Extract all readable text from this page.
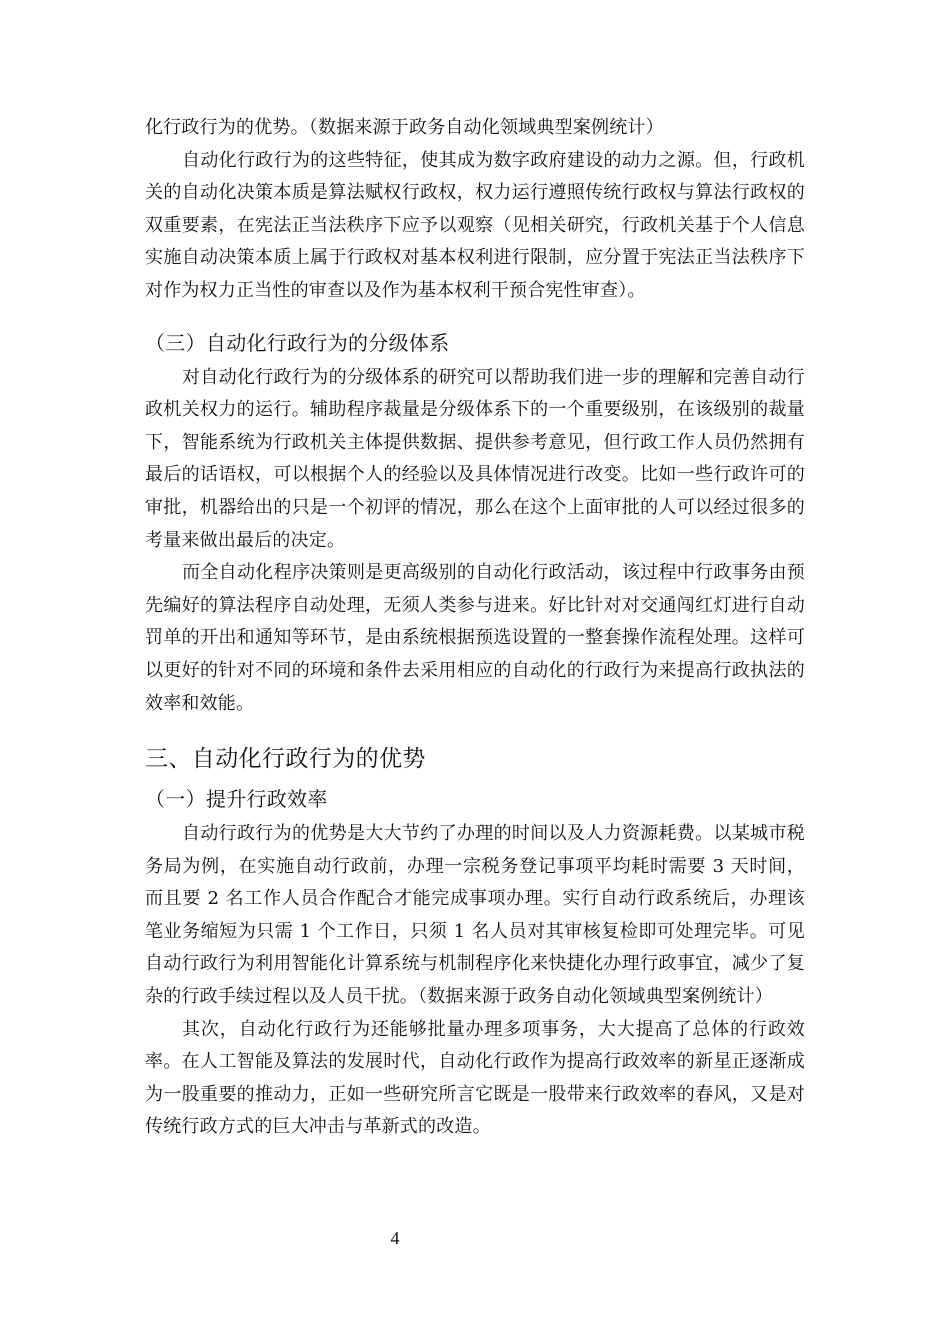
化行政行为的优势。（数据来源于政务自动化领域典型案例统计）

自动化行政行为的这些特征，使其成为数字政府建设的动力之源。但，行政机关的自动化决策本质是算法赋权行政权，权力运行遵照传统行政权与算法行政权的双重要素，在宪法正当法秩序下应予以观察（见相关研究，行政机关基于个人信息实施自动决策本质上属于行政权对基本权利进行限制，应分置于宪法正当法秩序下对作为权力正当性的审查以及作为基本权利干预合宪性审查）。

（三）自动化行政行为的分级体系

对自动化行政行为的分级体系的研究可以帮助我们进一步的理解和完善自动行政机关权力的运行。辅助程序裁量是分级体系下的一个重要级别，在该级别的裁量下，智能系统为行政机关主体提供数据、提供参考意见，但行政工作人员仍然拥有最后的话语权，可以根据个人的经验以及具体情况进行改变。比如一些行政许可的审批，机器给出的只是一个初评的情况，那么在这个上面审批的人可以经过很多的考量来做出最后的决定。

而全自动化程序决策则是更高级别的自动化行政活动，该过程中行政事务由预先编好的算法程序自动处理，无须人类参与进来。好比针对对交通闯红灯进行自动罚单的开出和通知等环节，是由系统根据预选设置的一整套操作流程处理。这样可以更好的针对不同的环境和条件去采用相应的自动化的行政行为来提高行政执法的效率和效能。

三、自动化行政行为的优势
（一）提升行政效率

自动行政行为的优势是大大节约了办理的时间以及人力资源耗费。以某城市税务局为例，在实施自动行政前，办理一宗税务登记事项平均耗时需要 3 天时间，而且要 2 名工作人员合作配合才能完成事项办理。实行自动行政系统后，办理该笔业务缩短为只需 1 个工作日，只须 1 名人员对其审核复检即可处理完毕。可见自动行政行为利用智能化计算系统与机制程序化来快捷化办理行政事宜，减少了复杂的行政手续过程以及人员干扰。（数据来源于政务自动化领域典型案例统计）

其次，自动化行政行为还能够批量办理多项事务，大大提高了总体的行政效率。在人工智能及算法的发展时代，自动化行政作为提高行政效率的新星正逐渐成为一股重要的推动力，正如一些研究所言它既是一股带来行政效率的春风，又是对传统行政方式的巨大冲击与革新式的改造。

4
